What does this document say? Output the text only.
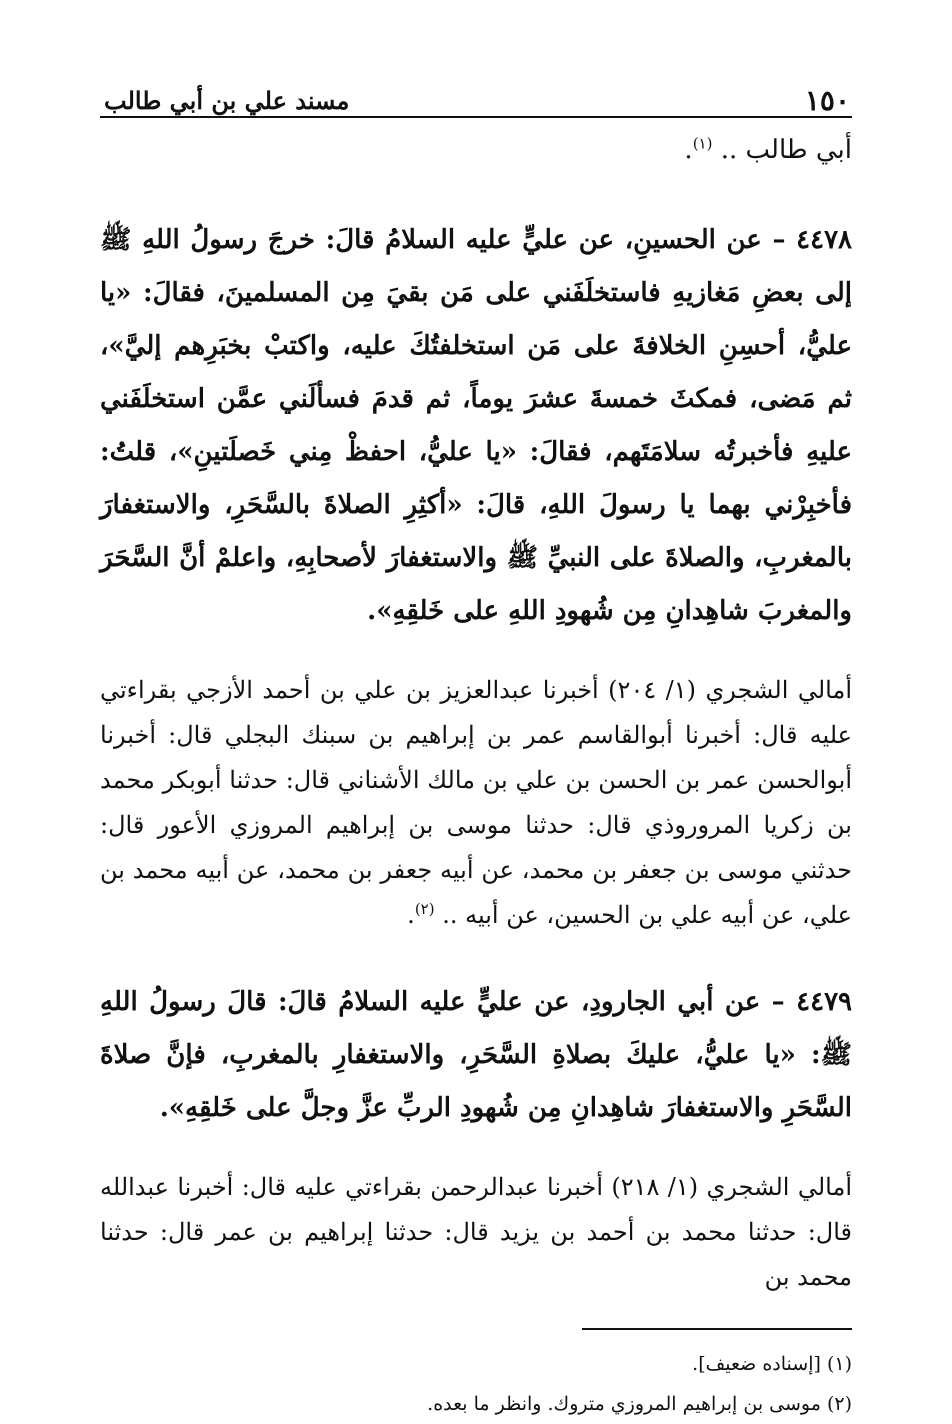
١٥٠
مسند علي بن أبي طالب

أبي طالب .. $^{(١)}$.

٤٤٧٨ – عن الحسينِ، عن عليٍّ عليه السلامُ قالَ: خرجَ رسولُ اللهِ ﷺ إلى بعضِ مَغازيهِ فاستخلَفَني على مَن بقيَ مِن المسلمينَ، فقالَ: «يا عليُّ، أحسِنِ الخلافةَ على مَن استخلفتُكَ عليه، واكتبْ بخبَرِهم إليَّ»، ثم مَضى، فمكثَ خمسةَ عشرَ يوماً، ثم قدمَ فسألَني عمَّن استخلَفَني عليهِ فأخبرتُه سلامَتَهم، فقالَ: «يا عليُّ، احفظْ مِني خَصلَتينِ»، قلتُ: فأخبِرْني بهما يا رسولَ اللهِ، قالَ: «أكثِرِ الصلاةَ بالسَّحَرِ، والاستغفارَ بالمغربِ، والصلاةَ على النبيِّ ﷺ والاستغفارَ لأصحابِهِ، واعلمْ أنَّ السَّحَرَ والمغربَ شاهِدانِ مِن شُهودِ اللهِ على خَلقِهِ».

أمالي الشجري (١/ ٢٠٤) أخبرنا عبدالعزيز بن علي بن أحمد الأزجي بقراءتي عليه قال: أخبرنا أبوالقاسم عمر بن إبراهيم بن سبنك البجلي قال: أخبرنا أبوالحسن عمر بن الحسن بن علي بن مالك الأشناني قال: حدثنا أبوبكر محمد بن زكريا المروروذي قال: حدثنا موسى بن إبراهيم المروزي الأعور قال: حدثني موسى بن جعفر بن محمد، عن أبيه جعفر بن محمد، عن أبيه محمد بن علي، عن أبيه علي بن الحسين، عن أبيه .. $^{(٢)}$.

٤٤٧٩ – عن أبي الجارودِ، عن عليٍّ عليه السلامُ قالَ: قالَ رسولُ اللهِ ﷺ: «يا عليُّ، عليكَ بصلاةِ السَّحَرِ، والاستغفارِ بالمغربِ، فإنَّ صلاةَ السَّحَرِ والاستغفارَ شاهِدانِ مِن شُهودِ الربِّ عزَّ وجلَّ على خَلقِهِ».

أمالي الشجري (١/ ٢١٨) أخبرنا عبدالرحمن بقراءتي عليه قال: أخبرنا عبدالله قال: حدثنا محمد بن أحمد بن يزيد قال: حدثنا إبراهيم بن عمر قال: حدثنا محمد بن

(١) [إسناده ضعيف].
(٢) موسى بن إبراهيم المروزي متروك. وانظر ما بعده.
